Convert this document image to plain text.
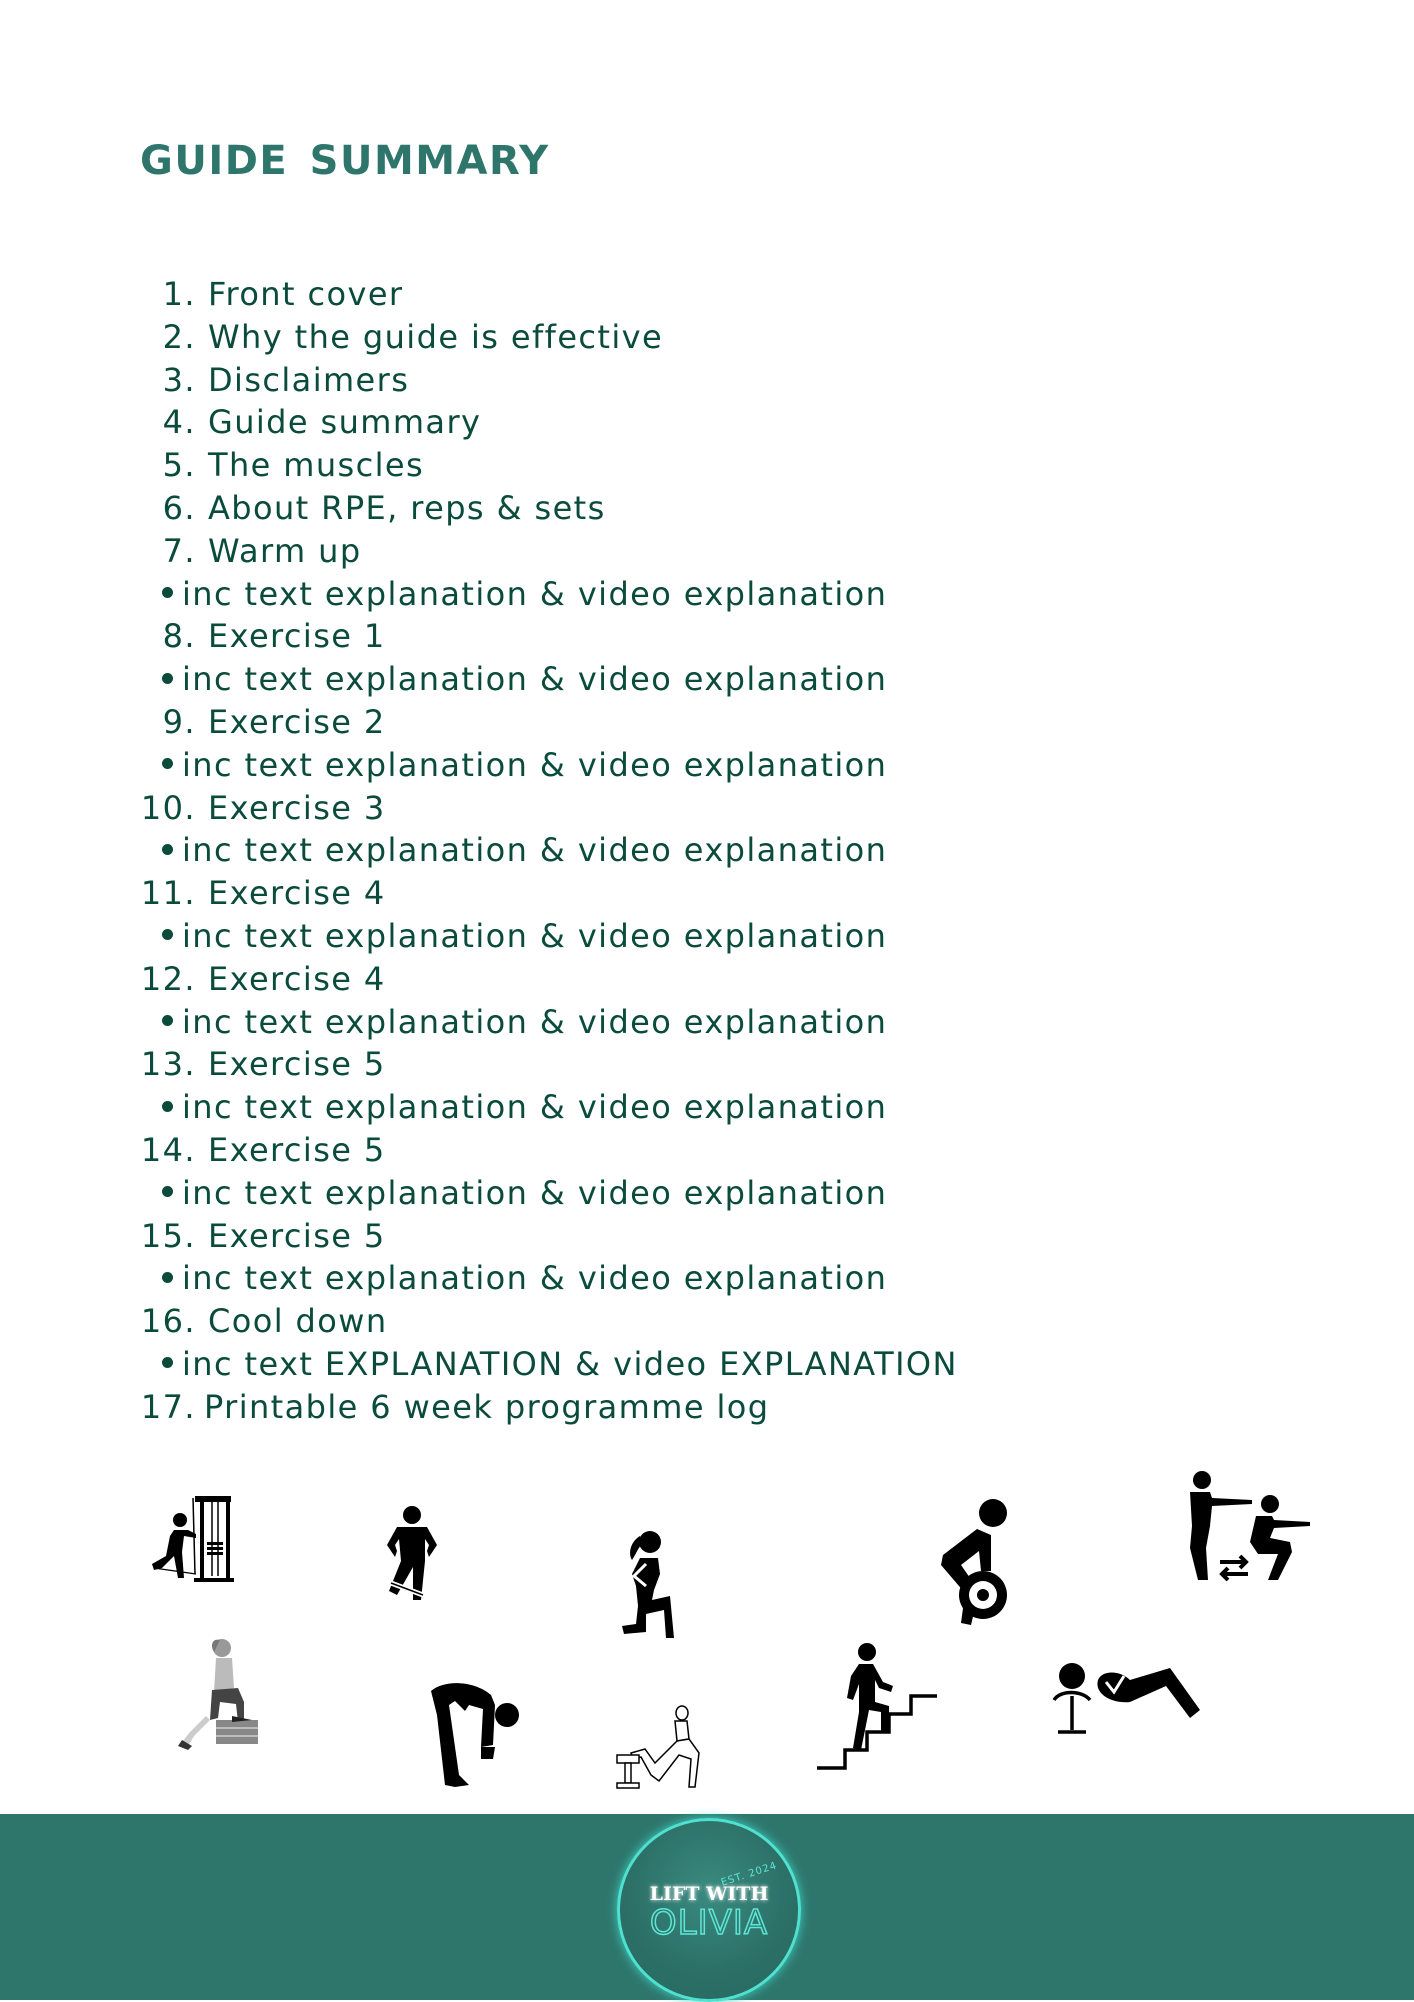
GUIDE SUMMARY
1. Front cover
2. Why the guide is effective
3. Disclaimers
4. Guide summary
5. The muscles
6. About RPE, reps & sets
7. Warm up
inc text explanation & video explanation
8. Exercise 1
inc text explanation & video explanation
9. Exercise 2
inc text explanation & video explanation
10. Exercise 3
inc text explanation & video explanation
11. Exercise 4
inc text explanation & video explanation
12. Exercise 4
inc text explanation & video explanation
13. Exercise 5
inc text explanation & video explanation
14. Exercise 5
inc text explanation & video explanation
15. Exercise 5
inc text explanation & video explanation
16. Cool down
inc text EXPLANATION & video EXPLANATION
17. Printable 6 week programme log
EST. 2024
LIFT WITH
OLIVIA
